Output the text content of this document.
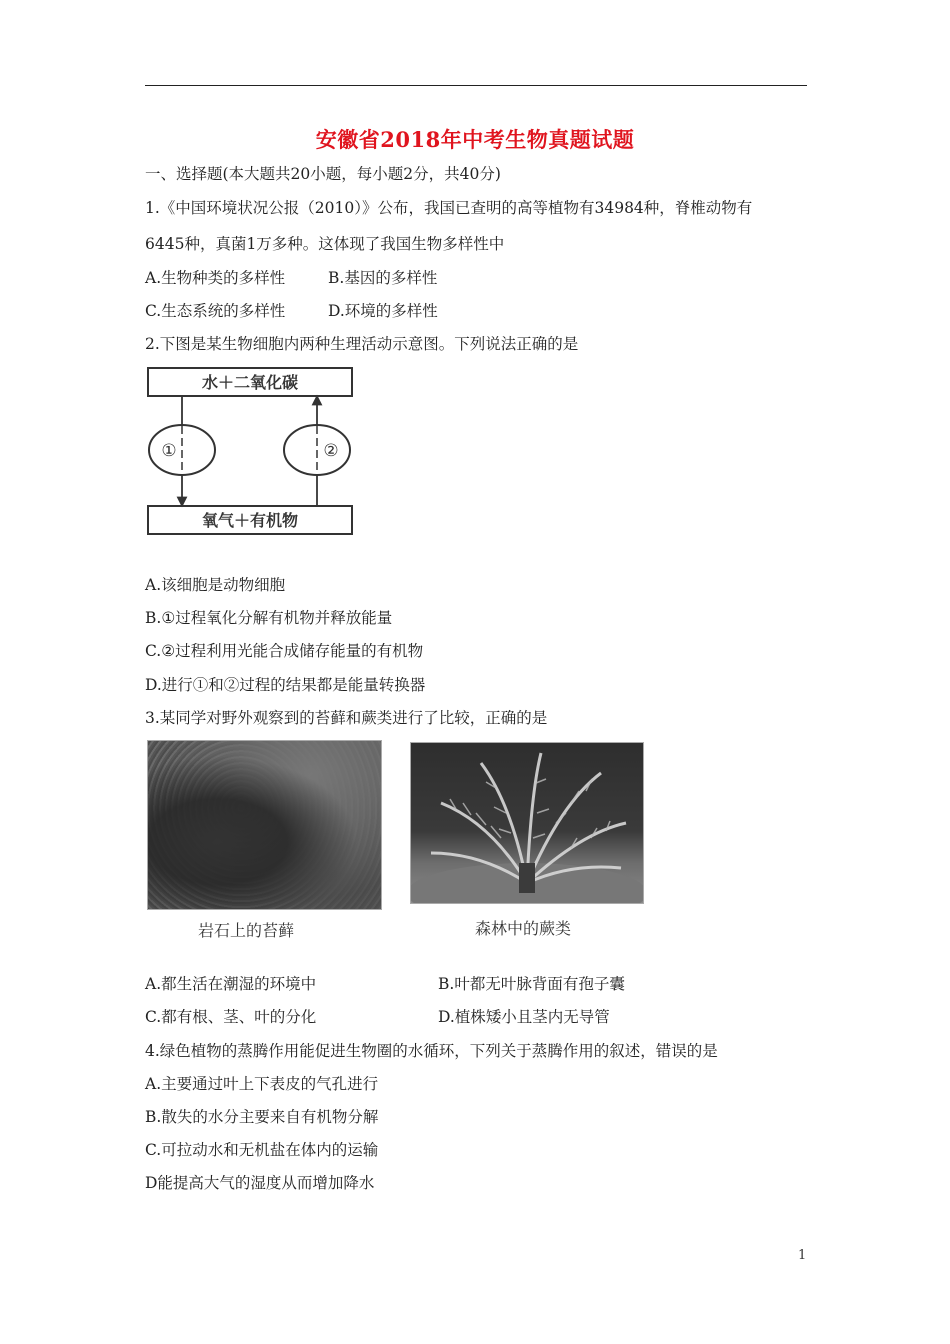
安徽省2018年中考生物真题试题
一、选择题(本大题共20小题，每小题2分，共40分)
1.《中国环境状况公报（2010）》公布，我国已查明的高等植物有34984种，脊椎动物有
6445种，真菌1万多种。这体现了我国生物多样性中
A.生物种类的多样性	B.基因的多样性
C.生态系统的多样性	D.环境的多样性
2.下图是某生物细胞内两种生理活动示意图。下列说法正确的是
水＋二氧化碳
氧气＋有机物
①	②
A.该细胞是动物细胞
B.①过程氧化分解有机物并释放能量
C.②过程利用光能合成储存能量的有机物
D.进行①和②过程的结果都是能量转换器
3.某同学对野外观察到的苔藓和蕨类进行了比较，正确的是
岩石上的苔藓	森林中的蕨类
A.都生活在潮湿的环境中	B.叶都无叶脉背面有孢子囊
C.都有根、茎、叶的分化	D.植株矮小且茎内无导管
4.绿色植物的蒸腾作用能促进生物圈的水循环，下列关于蒸腾作用的叙述，错误的是
A.主要通过叶上下表皮的气孔进行
B.散失的水分主要来自有机物分解
C.可拉动水和无机盐在体内的运输
D能提高大气的湿度从而增加降水
1
